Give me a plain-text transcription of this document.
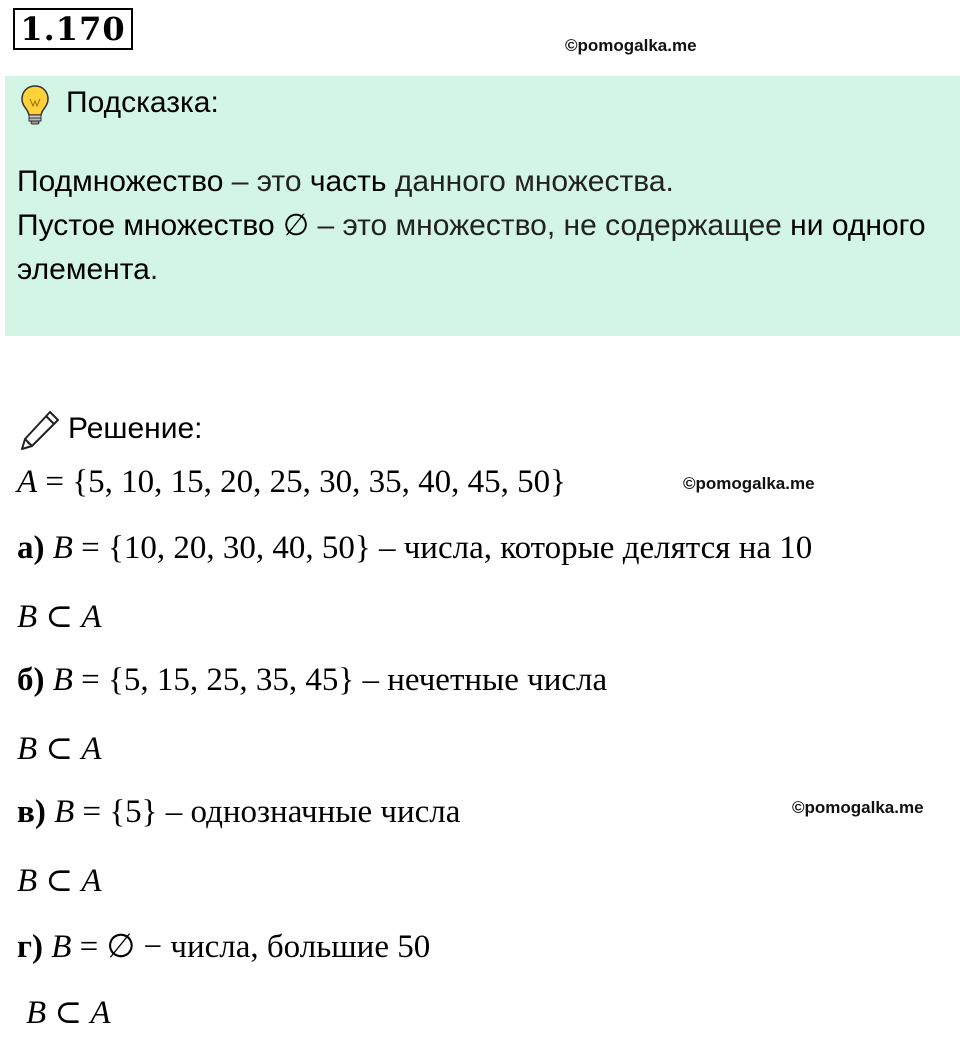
1.170	©pomogalka.me
Подсказка:

Подмножество – это часть данного множества.

Пустое множество ∅ – это множество, не содержащее ни одного элемента.

Решение:
A = {5, 10, 15, 20, 25, 30, 35, 40, 45, 50}	©pomogalka.me
а) B = {10, 20, 30, 40, 50} – числа, которые делятся на 10
B ⊂ A
б) B = {5, 15, 25, 35, 45} – нечетные числа
B ⊂ A
в) B = {5} – однозначные числа	©pomogalka.me
B ⊂ A
г) B = ∅ − числа, большие 50
B ⊂ A
